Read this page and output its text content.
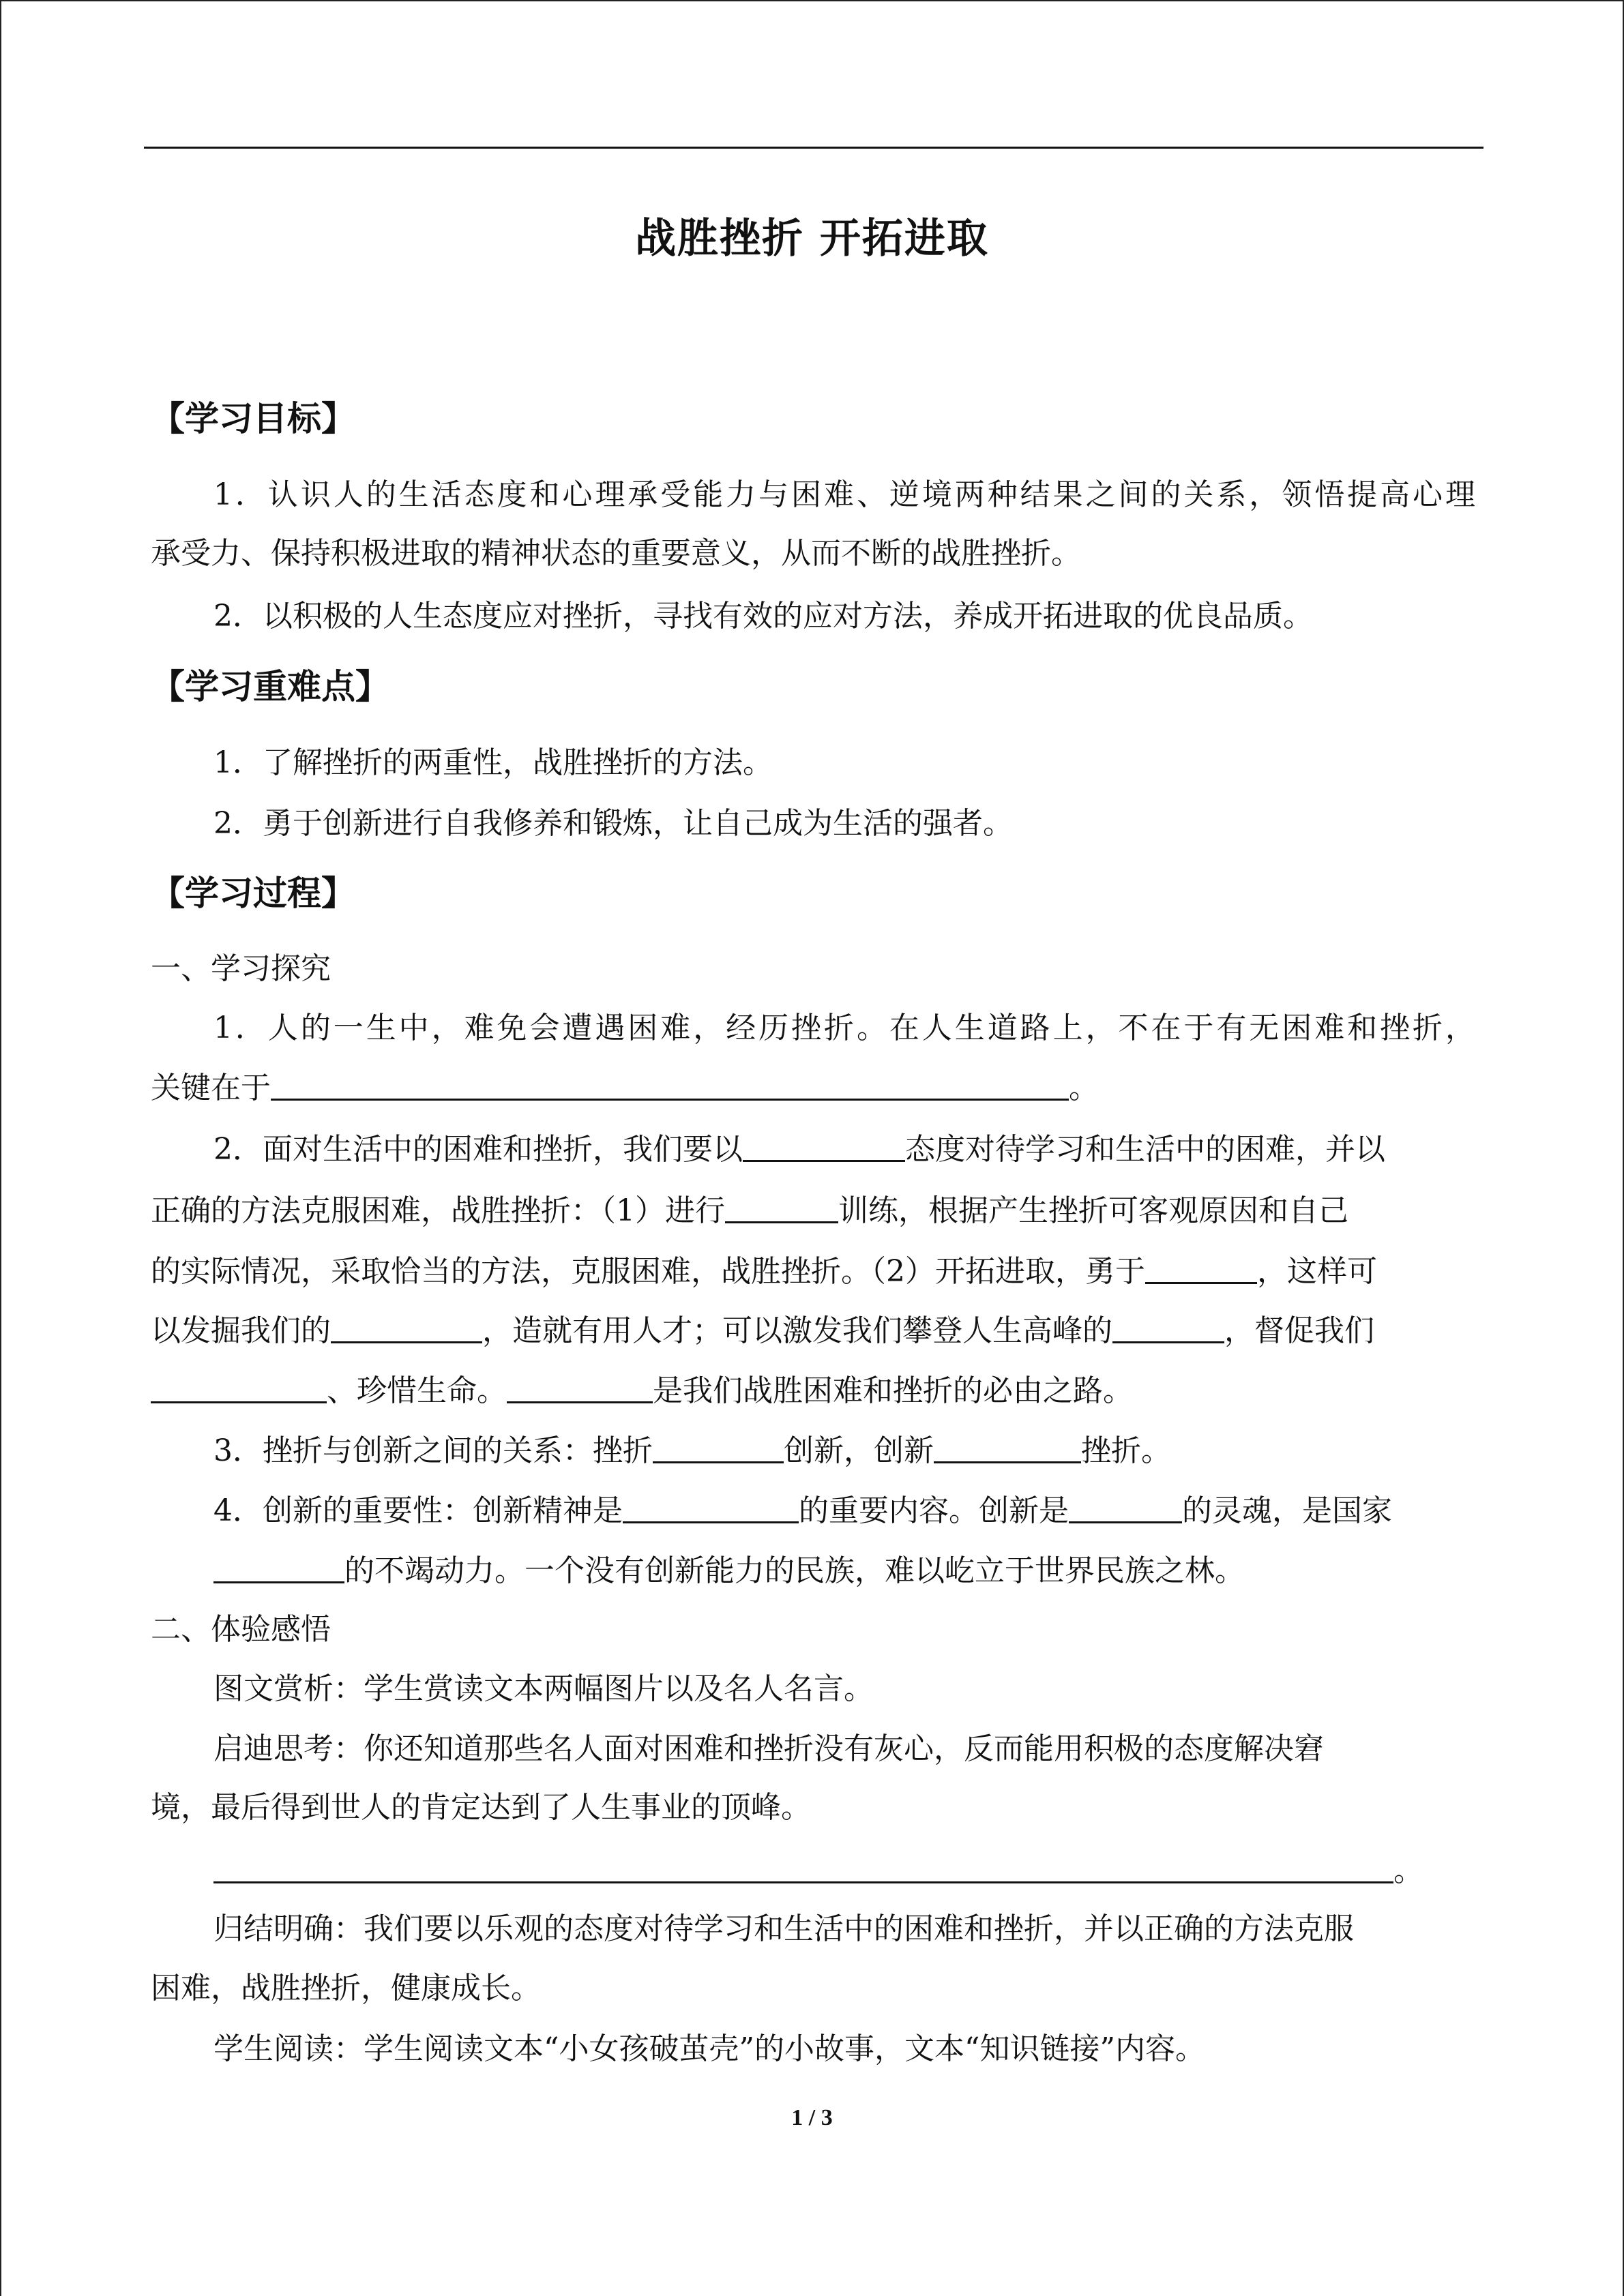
战胜挫折 开拓进取
【学习目标】
1．认识人的生活态度和心理承受能力与困难、逆境两种结果之间的关系，领悟提高心理
承受力、保持积极进取的精神状态的重要意义，从而不断的战胜挫折。
2．以积极的人生态度应对挫折，寻找有效的应对方法，养成开拓进取的优良品质。
【学习重难点】
1．了解挫折的两重性，战胜挫折的方法。
2．勇于创新进行自我修养和锻炼，让自己成为生活的强者。
【学习过程】
一、学习探究
1．人的一生中，难免会遭遇困难，经历挫折。在人生道路上，不在于有无困难和挫折，
关键在于	。
2．面对生活中的困难和挫折，我们要以	态度对待学习和生活中的困难，并以
正确的方法克服困难，战胜挫折：（1）进行	训练，根据产生挫折可客观原因和自己
的实际情况，采取恰当的方法，克服困难，战胜挫折。（2）开拓进取，勇于	，这样可
以发掘我们的	，造就有用人才；可以激发我们攀登人生高峰的	，督促我们
、珍惜生命。	是我们战胜困难和挫折的必由之路。
3．挫折与创新之间的关系：挫折	创新，创新	挫折。
4．创新的重要性：创新精神是	的重要内容。创新是	的灵魂，是国家
的不竭动力。一个没有创新能力的民族，难以屹立于世界民族之林。
二、体验感悟
图文赏析：学生赏读文本两幅图片以及名人名言。
启迪思考：你还知道那些名人面对困难和挫折没有灰心，反而能用积极的态度解决窘
境，最后得到世人的肯定达到了人生事业的顶峰。
。
归结明确：我们要以乐观的态度对待学习和生活中的困难和挫折，并以正确的方法克服
困难，战胜挫折，健康成长。
学生阅读：学生阅读文本“小女孩破茧壳”的小故事，文本“知识链接”内容。
1 / 3
